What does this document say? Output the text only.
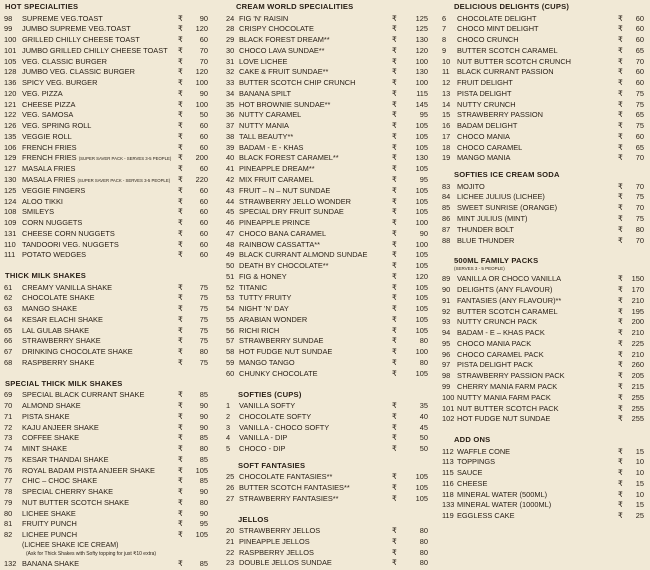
HOT SPECIALITIES
98	SUPREME VEG.TOAST	₹	90
99	JUMBO SUPREME VEG.TOAST	₹	120
100 GRILLED CHILLY CHEESE TOAST	₹	60
101 JUMBO GRILLED CHILLY CHEESE TOAST ₹	70
105 VEG. CLASSIC BURGER	₹	70
128 JUMBO VEG. CLASSIC BURGER	₹	120
136 SPICY VEG. BURGER	₹	100
120 VEG. PIZZA	₹	90
121 CHEESE PIZZA	₹	100
122 VEG. SAMOSA	₹	50
126 VEG. SPRING ROLL	₹	60
135 VEGGIE ROLL	₹	60
106 FRENCH FRIES	₹	60
129 FRENCH FRIES (SUPER SAVER PACK - SERVES 3-5 PEOPLE) ₹	200
127 MASALA FRIES	₹	60
130 MASALA FRIES (SUPER SAVER PACK - SERVES 3-5 PEOPLE) ₹	220
125 VEGGIE FINGERS	₹	60
124 ALOO TIKKI	₹	60
108 SMILEYS	₹	60
109 CORN NUGGETS	₹	60
131 CHEESE CORN NUGGETS	₹	60
110 TANDOORI VEG. NUGGETS	₹	60
111 POTATO WEDGES	₹	60
THICK MILK SHAKES
61	CREAMY VANILLA SHAKE	₹	75
62	CHOCOLATE SHAKE	₹	75
63	MANGO SHAKE	₹	75
64	KESAR ELACHI SHAKE	₹	75
65	LAL GULAB SHAKE	₹	75
66	STRAWBERRY SHAKE	₹	75
67	DRINKING CHOCOLATE SHAKE	₹	80
68	RASPBERRY SHAKE	₹	75
SPECIAL THICK MILK SHAKES
69	SPECIAL BLACK CURRANT SHAKE	₹	85
70	ALMOND SHAKE	₹	90
71	PISTA SHAKE	₹	90
72	KAJU ANJEER SHAKE	₹	90
73	COFFEE SHAKE	₹	85
74	MINT SHAKE	₹	80
75	KESAR THANDAI SHAKE	₹	85
76	ROYAL BADAM PISTA ANJEER SHAKE	₹	105
77	CHIC – CHOC SHAKE	₹	85
78	SPECIAL CHERRY SHAKE	₹	90
79	NUT BUTTER SCOTCH SHAKE	₹	80
80	LICHEE SHAKE	₹	90
81	FRUITY PUNCH	₹	95
82	LICHEE PUNCH	₹	105
(LICHEE SHAKE ICE CREAM)
(Ask for Thick Shakes with Softy topping for just ₹10 extra)
132 BANANA SHAKE	₹	85
CREAM WORLD SPECIALITIES
24 FIG 'N' RAISIN	₹	125
28 CRISPY CHOCOLATE	₹	125
29 BLACK FOREST DREAM**	₹	130
30 CHOCO LAVA SUNDAE**	₹	120
31 LOVE LICHEE	₹	100
32 CAKE & FRUIT SUNDAE**	₹	130
33 BUTTER SCOTCH CHIP CRUNCH	₹	100
34 BANANA SPILT	₹	115
35 HOT BROWNIE SUNDAE**	₹	145
36 NUTTY CARAMEL	₹	95
37 NUTTY MANIA	₹	105
38 TALL BEAUTY**	₹	105
39 BADAM - E - KHAS	₹	105
40 BLACK FOREST CARAMEL**	₹	130
41 PINEAPPLE DREAM**	₹	105
42 MIX FRUIT CARAMEL	₹	95
43 FRUIT – N – NUT SUNDAE	₹	105
44 STRAWBERRY JELLO WONDER	₹	105
45 SPECIAL DRY FRUIT SUNDAE	₹	105
46 PINEAPPLE PRINCE	₹	100
47 CHOCO BANA CARAMEL	₹	90
48 RAINBOW CASSATTA**	₹	100
49 BLACK CURRANT ALMOND SUNDAE	₹	105
50 DEATH BY CHOCOLATE**	₹	105
51 FIG & HONEY	₹	120
52 TITANIC	₹	105
53 TUTTY FRUITY	₹	105
54 NIGHT 'N' DAY	₹	105
55 ARABIAN WONDER	₹	105
56 RICHI RICH	₹	105
57 STRAWBERRY SUNDAE	₹	80
58 HOT FUDGE NUT SUNDAE	₹	100
59 MANGO TANGO	₹	80
60 CHUNKY CHOCOLATE	₹	105
SOFTIES (CUPS)
1	VANILLA SOFTY	₹	35
2	CHOCOLATE SOFTY	₹	40
3	VANILLA - CHOCO SOFTY	₹	45
4	VANILLA - DIP	₹	50
5	CHOCO - DIP	₹	50
SOFT FANTASIES
25 CHOCOLATE FANTASIES**	₹	105
26 BUTTER SCOTCH FANTASIES**	₹	105
27 STRAWBERRY FANTASIES**	₹	105
JELLOS
20 STRAWBERRY JELLOS	₹	80
21 PINEAPPLE JELLOS	₹	80
22 RASPBERRY JELLOS	₹	80
23 DOUBLE JELLOS SUNDAE	₹	80
DELICIOUS DELIGHTS (CUPS)
6	CHOCOLATE DELIGHT	₹	60
7	CHOCO MINT DELIGHT	₹	60
8	CHOCO CRUNCH	₹	60
9	BUTTER SCOTCH CARAMEL	₹	65
10 NUT BUTTER SCOTCH CRUNCH	₹	70
11 BLACK CURRANT PASSION	₹	60
12 FRUIT DELIGHT	₹	60
13 PISTA DELIGHT	₹	75
14 NUTTY CRUNCH	₹	75
15 STRAWBERRY PASSION	₹	65
16 BADAM DELIGHT	₹	75
17 CHOCO MANIA	₹	60
18 CHOCO CARAMEL	₹	65
19 MANGO MANIA	₹	70
SOFTIES ICE CREAM SODA
83 MOJITO	₹	70
84 LICHEE JULIUS (LICHEE)	₹	75
85 SWEET SUNRISE (ORANGE)	₹	70
86 MINT JULIUS (MINT)	₹	75
87 THUNDER BOLT	₹	80
88 BLUE THUNDER	₹	70
500ML FAMILY PACKS
(SERVES 3 - 5 PEOPLE)
89 VANILLA OR CHOCO VANILLA	₹	150
90 DELIGHTS (ANY FLAVOUR)	₹	170
91 FANTASIES (ANY FLAVOUR)**	₹	210
92 BUTTER SCOTCH CARAMEL	₹	195
93 NUTTY CRUNCH PACK	₹	200
94 BADAM - E – KHAS PACK	₹	210
95 CHOCO MANIA PACK	₹	225
96 CHOCO CARAMEL PACK	₹	210
97 PISTA DELIGHT PACK	₹	260
98 STRAWBERRY PASSION PACK	₹	205
99 CHERRY MANIA FARM PACK	₹	215
100 NUTTY MANIA FARM PACK	₹	255
101 NUT BUTTER SCOTCH PACK	₹	255
102 HOT FUDGE NUT SUNDAE	₹	255
ADD ONS
112 WAFFLE CONE	₹	15
113 TOPPINGS	₹	10
115 SAUCE	₹	10
116 CHEESE	₹	15
118 MINERAL WATER (500ML)	₹	10
133 MINERAL WATER (1000ML)	₹	15
119 EGGLESS CAKE	₹	25
